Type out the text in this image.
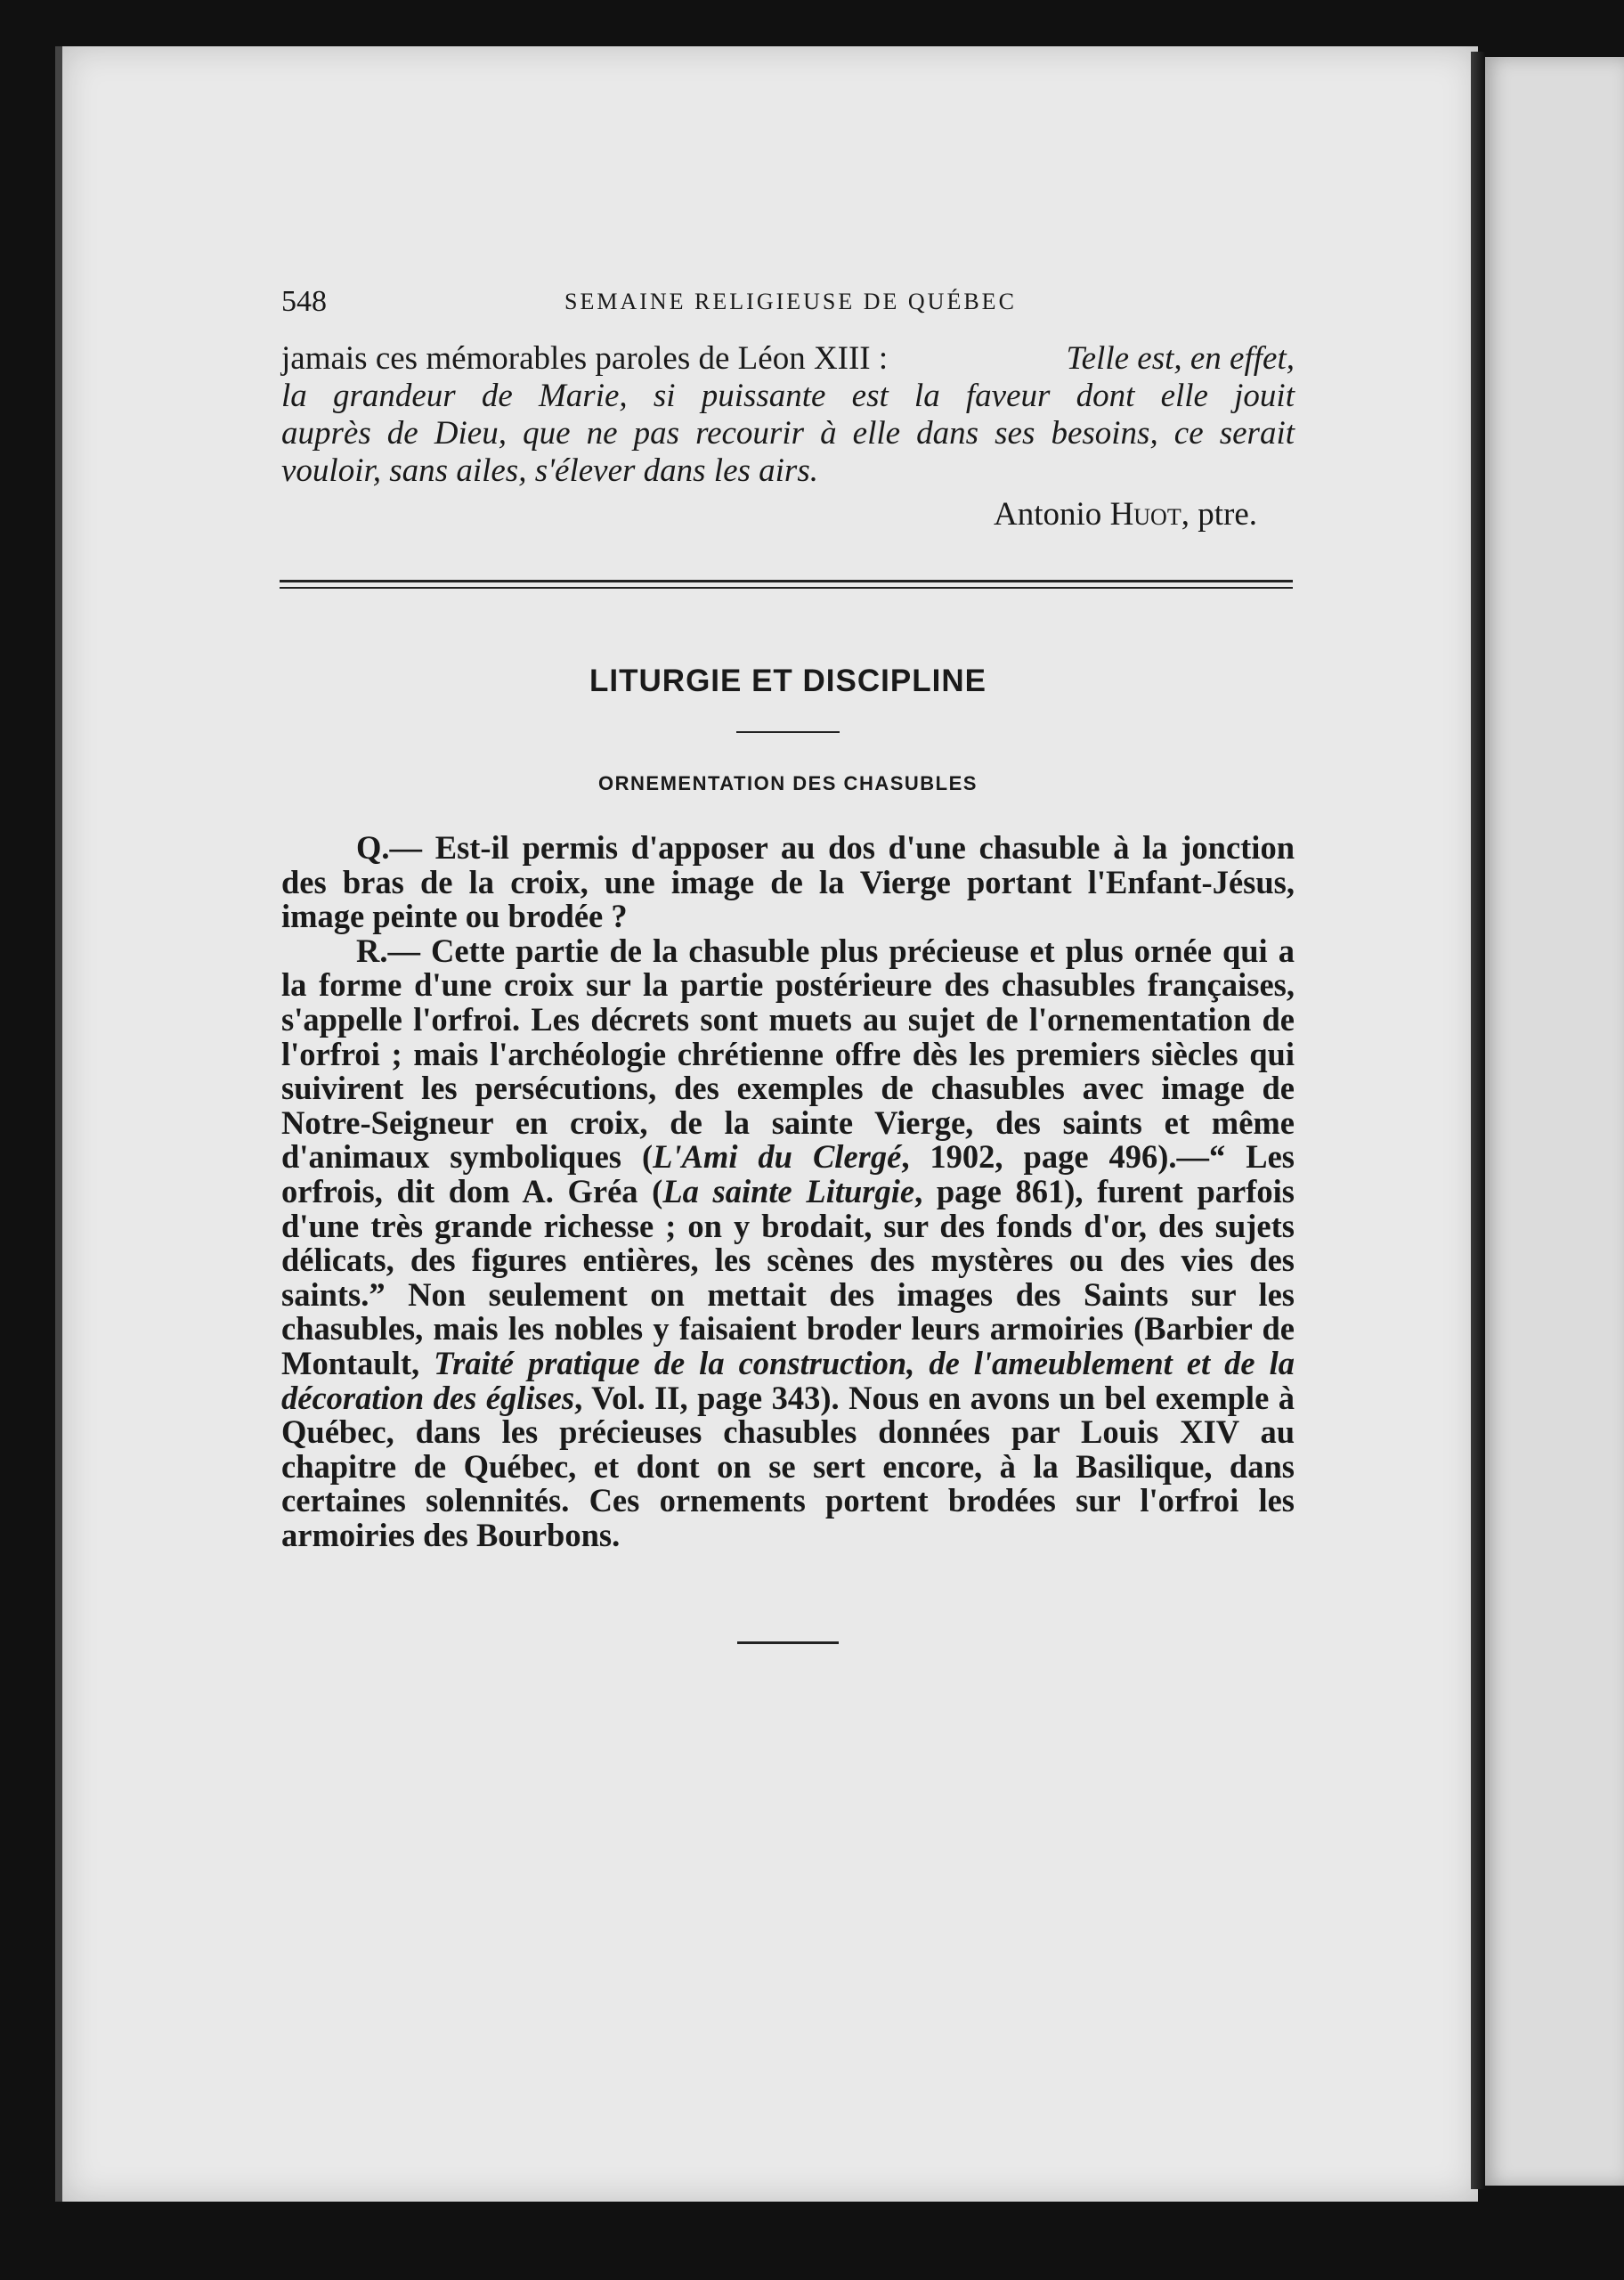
548	SEMAINE RELIGIEUSE DE QUÉBEC
jamais ces mémorables paroles de Léon XIII :	Telle est, en effet,
la grandeur de Marie, si puissante est la faveur dont elle jouit
auprès de Dieu, que ne pas recourir à elle dans ses besoins, ce serait
vouloir, sans ailes, s'élever dans les airs.
Antonio Huot, ptre.
LITURGIE ET DISCIPLINE
ORNEMENTATION DES CHASUBLES

Q.— Est-il permis d'apposer au dos d'une chasuble à la jonction des bras de la croix, une image de la Vierge portant l'Enfant-Jésus, image peinte ou brodée ?

R.— Cette partie de la chasuble plus précieuse et plus ornée qui a la forme d'une croix sur la partie postérieure des chasubles françaises, s'appelle l'orfroi. Les décrets sont muets au sujet de l'ornementation de l'orfroi ; mais l'archéologie chrétienne offre dès les premiers siècles qui suivirent les persécutions, des exemples de chasubles avec image de Notre-Seigneur en croix, de la sainte Vierge, des saints et même d'animaux symboliques (L'Ami du Clergé, 1902, page 496).—“ Les orfrois, dit dom A. Gréa (La sainte Liturgie, page 861), furent parfois d'une très grande richesse ; on y brodait, sur des fonds d'or, des sujets délicats, des figures entières, les scènes des mystères ou des vies des saints.” Non seulement on mettait des images des Saints sur les chasubles, mais les nobles y faisaient broder leurs armoiries (Barbier de Montault, Traité pratique de la construction, de l'ameublement et de la décoration des églises, Vol. II, page 343). Nous en avons un bel exemple à Québec, dans les précieuses chasubles données par Louis XIV au chapitre de Québec, et dont on se sert encore, à la Basilique, dans certaines solennités. Ces ornements portent brodées sur l'orfroi les armoiries des Bourbons.
